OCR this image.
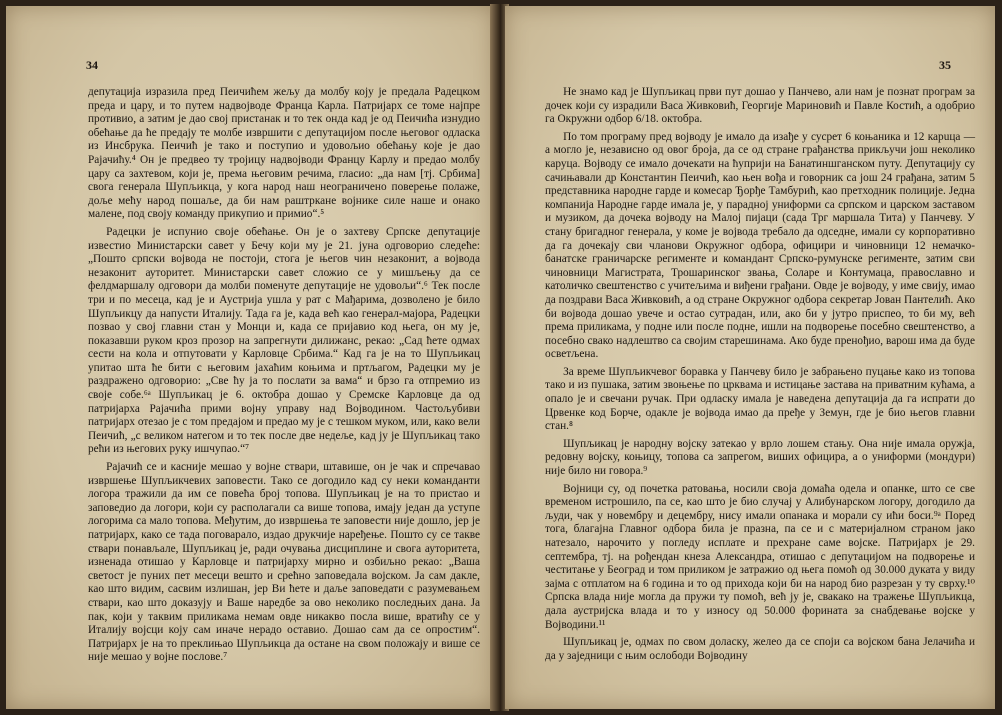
34

депутација изразила пред Пеичићем жељу да молбу коју је предала Радецком преда и цару, и то путем надвојводе Франца Карла. Патријарх се томе најпре противио, а затим је дао свој пристанак и то тек онда кад је од Пеичића изнудио обећање да ће предају те молбе извршити с депутацијом после његовог одласка из Инсбрука. Пеичић је тако и поступио и удовољио обећању које је дао Рајачићу.⁴ Он је предвео ту тројицу надвојводи Францу Карлу и предао молбу цару са захтевом, који је, према његовим речима, гласио: „да нам [тј. Србима] свога генерала Шупљикца, у кога народ наш неограничено поверење полаже, доље мећу народ пошаље, да би нам раштркане војнике силе наше и онако малене, под своју команду прикупио и примио“.⁵

Радецки је испунио своје обећање. Он је о захтеву Српске депутације известио Министарски савет у Бечу који му је 21. јуна одговорио следеће: „Пошто српски војвода не постоји, стога је његов чин незаконит, а војвода незаконит ауторитет. Министарски савет сложио се у мишљењу да се фелдмаршалу одговори да молби поменуте депутације не удовољи“.⁶ Тек после три и по месеца, кад је и Аустрија ушла у рат с Мађарима, дозволено је било Шупљикцу да напусти Италију. Тада га је, када већ као генерал-мајора, Радецки позвао у свој главни стан у Монци и, када се пријавио код њега, он му је, показавши руком кроз прозор на запрегнути дилижанс, рекао: „Сад ћете одмах сести на кола и отпутовати у Карловце Србима.“ Кад га је на то Шупљикац упитао шта ће бити с његовим јахаћим коњима и пртљагом, Радецки му је раздражено одговорио: „Све ћу ја то послати за вама“ и брзо га отпремио из своје собе.⁶ᵃ Шупљикац је 6. октобра дошао у Сремске Карловце да од патријарха Рајачића прими војну управу над Војводином. Частољубиви патријарх отезао је с том предајом и предао му је с тешком муком, или, како вели Пеичић, „с великом натегом и то тек после две недеље, кад ју је Шупљикац тако рећи из његових руку ишчупао.“⁷

Рајачић се и касније мешао у војне ствари, штавише, он је чак и спречавао извршење Шупљикчевих заповести. Тако се догодило кад су неки команданти логора тражили да им се повећа број топова. Шупљикац је на то пристао и заповедио да логори, који су располагали са више топова, имају један да уступе логорима са мало топова. Међутим, до извршења те заповести није дошло, јер је патријарх, како се тада поговарало, издао друкчије наређење. Пошто су се такве ствари понављале, Шупљикац је, ради очувања дисциплине и свога ауторитета, изненада отишао у Карловце и патријарху мирно и озбиљно рекао: „Ваша светост је пуних пет месеци вешто и срећно заповедала војском. Ја сам даклe, као што видим, сасвим излишан, јер Ви ћете и даље заповедати с разумевањем ствари, као што доказују и Ваше наредбе за ово неколико последњих дана. Ја пак, који у таквим приликама немам овде никакво посла више, вратићу се у Италију војсци коју сам иначе нерадо оставио. Дошао сам да се опростим“. Патријарх је на то преклињао Шупљикца да остане на свом положају и више се није мешао у војне послове.⁷

35

Не знамо кад је Шупљикац први пут дошао у Панчево, али нам је познат програм за дочек који су израдили Васа Живковић, Георгије Мариновић и Павле Костић, а одобрио га Окружни одбор 6/18. октобра.

По том програму пред војводу је имало да изађе у сусрет 6 коњаника и 12 карuца — а могло је, независно од овог броја, да се од стране грађанства прикључи још неколико каруца. Војводу се имало дочекати на ћуприји на Банатиншганском путу. Депутацију су сачињавали др Константин Пеичић, као њен вођа и говорник са још 24 грађана, затим 5 представника народне гарде и комесар Ђорђе Тамбурић, као претходник полиције. Једна компанија Народне гарде имала је, у парадној униформи са српском и царском заставом и музиком, да дочека војводу на Малој пијаци (сада Трг маршала Тита) у Панчеву. У стану бригадног генерала, у коме је војвода требало да одседне, имали су корпоративно да га дочекају сви чланови Окружног одбора, официри и чиновници 12 немачко-банатске граничарске регименте и командант Српско-румунске регименте, затим сви чиновници Магистрата, Трошаринског звања, Соларе и Контумаца, православно и католичко свештенство с учитељима и виђени грађани. Овде је војводу, у име свију, имао да поздрави Васа Живковић, а од стране Окружног одбора секретар Јован Пантелић. Ако би војвода дошао увече и остао сутрадан, или, ако би у јутро приспео, то би му, већ према приликама, у подне или после подне, ишли на подворење посебно свештенство, а посебно свако надлештво са својим старешинама. Ако буде пренођио, варош има да буде осветљена.

За време Шупљикчевог боравка у Панчеву било је забрањено пуцање како из топова тако и из пушака, затим звоњење по црквама и истицање застава на приватним кућама, а опало је и свечани ручак. При одласку имала је наведена депутација да га испрати до Црвенке код Борче, одакле је војвода имао да пређе у Земун, где је био његов главни стан.⁸

Шупљикац је народну војску затекао у врло лошем стању. Она није имала оружја, редовну војску, коњицу, топова са запрегом, виших официра, а о униформи (мондури) није било ни говора.⁹

Војници су, од почетка ратовања, носили своја домаћа одела и опанке, што се све временом истрошило, па се, као што је био случај у Алибунарском логору, догодило да људи, чак у новембру и децембру, нису имали опанака и морали су ићи боси.⁹ᵃ Поред тога, благајна Главног одбора била је празна, па се и с материјалном страном јако натезало, нарочито у погледу исплате и прехране саме војске. Патријарх је 29. септембра, тј. на рођендан кнеза Александра, отишао с депутацијом на подворење и честитање у Београд и том приликом је затражио од њега помоћ од 30.000 дуката у виду зајма с отплатом на 6 година и то од прихода који би на народ био разрезан у ту сврху.¹⁰ Српска влада није могла да пружи ту помоћ, већ ју је, свакако на тражење Шупљикца, дала аустријска влада и то у износу од 50.000 форината за снабдевање војске у Војводини.¹¹

Шупљикац је, одмах по свом доласку, желео да се споји са војском бана Јелачића и да у заједници с њим ослободи Војводину
